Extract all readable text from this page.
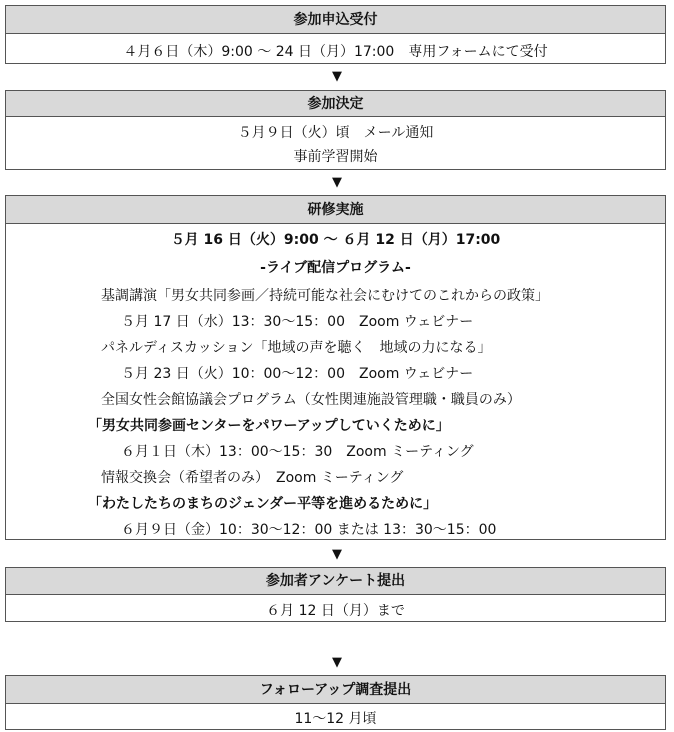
参加申込受付
４月６日（木）9:00 ～ 24 日（月）17:00　専用フォームにて受付
▼
参加決定
５月９日（火）頃　メール通知
事前学習開始
▼
研修実施
５月 16 日（火）9:00 ～ ６月 12 日（月）17:00
-ライブ配信プログラム-
基調講演「男女共同参画／持続可能な社会にむけてのこれからの政策」
５月 17 日（水）13：30～15：00　Zoom ウェビナー
パネルディスカッション「地域の声を聴く　地域の力になる」
５月 23 日（火）10：00～12：00　Zoom ウェビナー
全国女性会館協議会プログラム（女性関連施設管理職・職員のみ）
「男女共同参画センターをパワーアップしていくために」
６月１日（木）13：00～15：30　Zoom ミーティング
情報交換会（希望者のみ）　Zoom ミーティング
「わたしたちのまちのジェンダー平等を進めるために」
６月９日（金）10：30～12：00 または 13：30～15：00
▼
参加者アンケート提出
６月 12 日（月）まで
▼
フォローアップ調査提出
11～12 月頃
